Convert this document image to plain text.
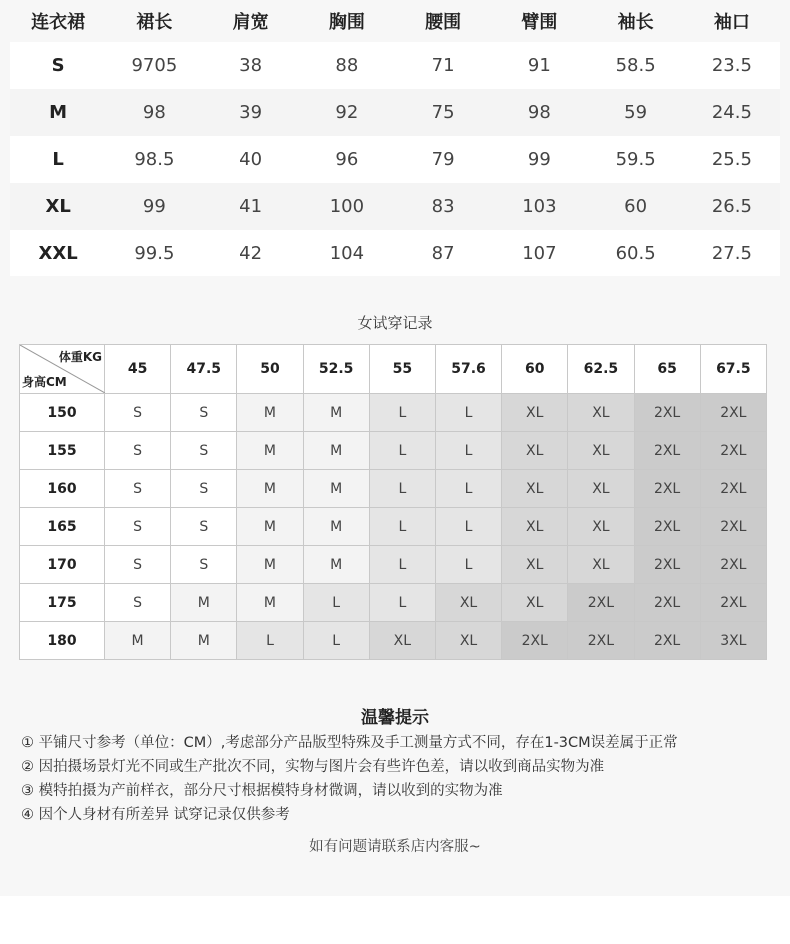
连衣裙	裙长	肩宽	胸围	腰围	臂围	袖长	袖口
S	9705	38	88	71	91	58.5	23.5
M	98	39	92	75	98	59	24.5
L	98.5	40	96	79	99	59.5	25.5
XL	99	41	100	83	103	60	26.5
XXL	99.5	42	104	87	107	60.5	27.5
女试穿记录
体重KG
身高CM	45	47.5	50	52.5	55	57.6	60	62.5	65	67.5
150	S	S	M	M	L	L	XL	XL	2XL	2XL
155	S	S	M	M	L	L	XL	XL	2XL	2XL
160	S	S	M	M	L	L	XL	XL	2XL	2XL
165	S	S	M	M	L	L	XL	XL	2XL	2XL
170	S	S	M	M	L	L	XL	XL	2XL	2XL
175	S	M	M	L	L	XL	XL	2XL	2XL	2XL
180	M	M	L	L	XL	XL	2XL	2XL	2XL	3XL
温馨提示
① 平铺尺寸参考（单位：CM）,考虑部分产品版型特殊及手工测量方式不同，存在1-3CM误差属于正常
② 因拍摄场景灯光不同或生产批次不同，实物与图片会有些许色差，请以收到商品实物为准
③ 模特拍摄为产前样衣，部分尺寸根据模特身材微调，请以收到的实物为准
④ 因个人身材有所差异 试穿记录仅供参考
如有问题请联系店内客服~
